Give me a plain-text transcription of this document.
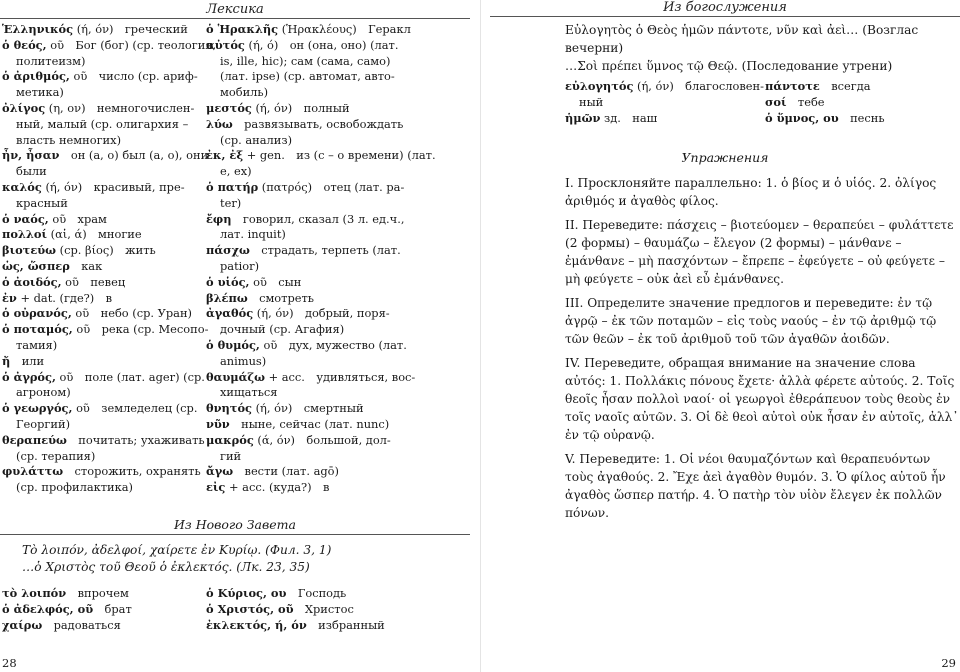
Лексика
Ἑλληνικός (ή, όν) греческий
ὁ θεός, οῦ Бог (бог) (ср. теология,
политеизм)
ὁ ἀριθμός, οῦ число (ср. ариф-
метика)
ὀλίγος (η, ον) немногочислен-
ный, малый (ср. олигархия –
власть немногих)
ἦν, ἦσαν он (а, о) был (а, о), они
были
καλός (ή, όν) красивый, пре-
красный
ὁ ναός, οῦ храм
πολλοί (αἱ, ά) многие
βιοτεύω (ср. βίος) жить
ὡς, ὥσπερ как
ὁ ἀοιδός, οῦ певец
ἐν + dat. (где?) в
ὁ οὐρανός, οῦ небо (ср. Уран)
ὁ ποταμός, οῦ река (ср. Месопо-
тамия)
ἤ или
ὁ ἀγρός, οῦ поле (лат. ager) (ср.
агроном)
ὁ γεωργός, οῦ земледелец (ср.
Георгий)
θεραπεύω почитать; ухаживать
(ср. терапия)
φυλάττω сторожить, охранять
(ср. профилактика)
ὁ Ἡρακλῆς (Ἡρακλέους) Геракл
αὐτός (ή, ό) он (она, оно) (лат.
is, ille, hic); сам (сама, само)
(лат. ipse) (ср. автомат, авто-
мобиль)
μεστός (ή, όν) полный
λύω развязывать, освобождать
(ср. анализ)
ἐκ, ἐξ + gen. из (с – о времени) (лат.
e, ex)
ὁ πατήρ (πατρός) отец (лат. pa-
ter)
ἔφη говорил, сказал (3 л. ед.ч.,
лат. inquit)
πάσχω страдать, терпеть (лат.
patior)
ὁ υἱός, οῦ сын
βλέπω смотреть
ἀγαθός (ή, όν) добрый, поря-
дочный (ср. Агафия)
ὁ θυμός, οῦ дух, мужество (лат.
animus)
θαυμάζω + acc. удивляться, вос-
хищаться
θνητός (ή, όν) смертный
νῦν ныне, сейчас (лат. nunc)
μακρός (ά, όν) большой, дол-
гий
ἄγω вести (лат. agō)
εἰς + acc. (куда?) в
Из Нового Завета
Τὸ λοιπόν, ἀδελφοί, χαίρετε ἐν Κυρίῳ. (Фил. 3, 1)
…ὁ Χριστὸς τοῦ Θεοῦ ὁ ἐκλεκτός. (Лк. 23, 35)
τὸ λοιπόν впрочем
ὁ ἀδελφός, οῦ брат
χαίρω радоваться
ὁ Κύριος, ου Господь
ὁ Χριστός, οῦ Христос
ἐκλεκτός, ή, όν избранный
28
Из богослужения
Εὐλογητὸς ὁ Θεὸς ἡμῶν πάντοτε, νῦν καὶ ἀεὶ… (Возглас вечерни)
…Σοὶ πρέπει ὕμνος τῷ Θεῷ. (Последование утрени)
εὐλογητός (ή, όν) благословен-
ный
ἡμῶν зд. наш
πάντοτε всегда
σοί тебе
ὁ ὕμνος, ου песнь
Упражнения

I. Просклоняйте параллельно: 1. ὁ βίος и ὁ υἱός. 2. ὀλίγος ἀριθμός и ἀγαθὸς φίλος.

II. Переведите: πάσχεις – βιοτεύομεν – θεραπεύει – φυλάττετε (2 формы) – θαυμάζω – ἔλεγον (2 формы) – μάνθανε – ἐμάνθανε – μὴ πασχόντων – ἔπρεπε – ἐφεύγετε – οὐ φεύγετε – μὴ φεύγετε – οὐκ ἀεὶ εὖ ἐμάνθανες.

III. Определите значение предлогов и переведите: ἐν τῷ ἀγρῷ – ἐκ τῶν ποταμῶν – εἰς τοὺς ναούς – ἐν τῷ ἀριθμῷ τῷ τῶν θεῶν – ἐκ τοῦ ἀριθμοῦ τοῦ τῶν ἀγαθῶν ἀοιδῶν.

IV. Переведите, обращая внимание на значение слова αὐτός: 1. Πολλάκις πόνους ἔχετε· ἀλλὰ φέρετε αὐτούς. 2. Τοῖς θεοῖς ἦσαν πολλοὶ ναοί· οἱ γεωργοὶ ἐθεράπευον τοὺς θεοὺς ἐν τοῖς ναοῖς αὐτῶν. 3. Οἱ δὲ θεοὶ αὐτοὶ οὐκ ἦσαν ἐν αὐτοῖς, ἀλλ᾽ ἐν τῷ οὐρανῷ.

V. Переведите: 1. Οἱ νέοι θαυμαζόντων καὶ θεραπευόντων τοὺς ἀγαθούς. 2. Ἔχε ἀεὶ ἀγαθὸν θυμόν. 3. Ὁ φίλος αὐτοῦ ἦν ἀγαθὸς ὥσπερ πατήρ. 4. Ὁ πατὴρ τὸν υἱὸν ἔλεγεν ἐκ πολλῶν πόνων.

29
